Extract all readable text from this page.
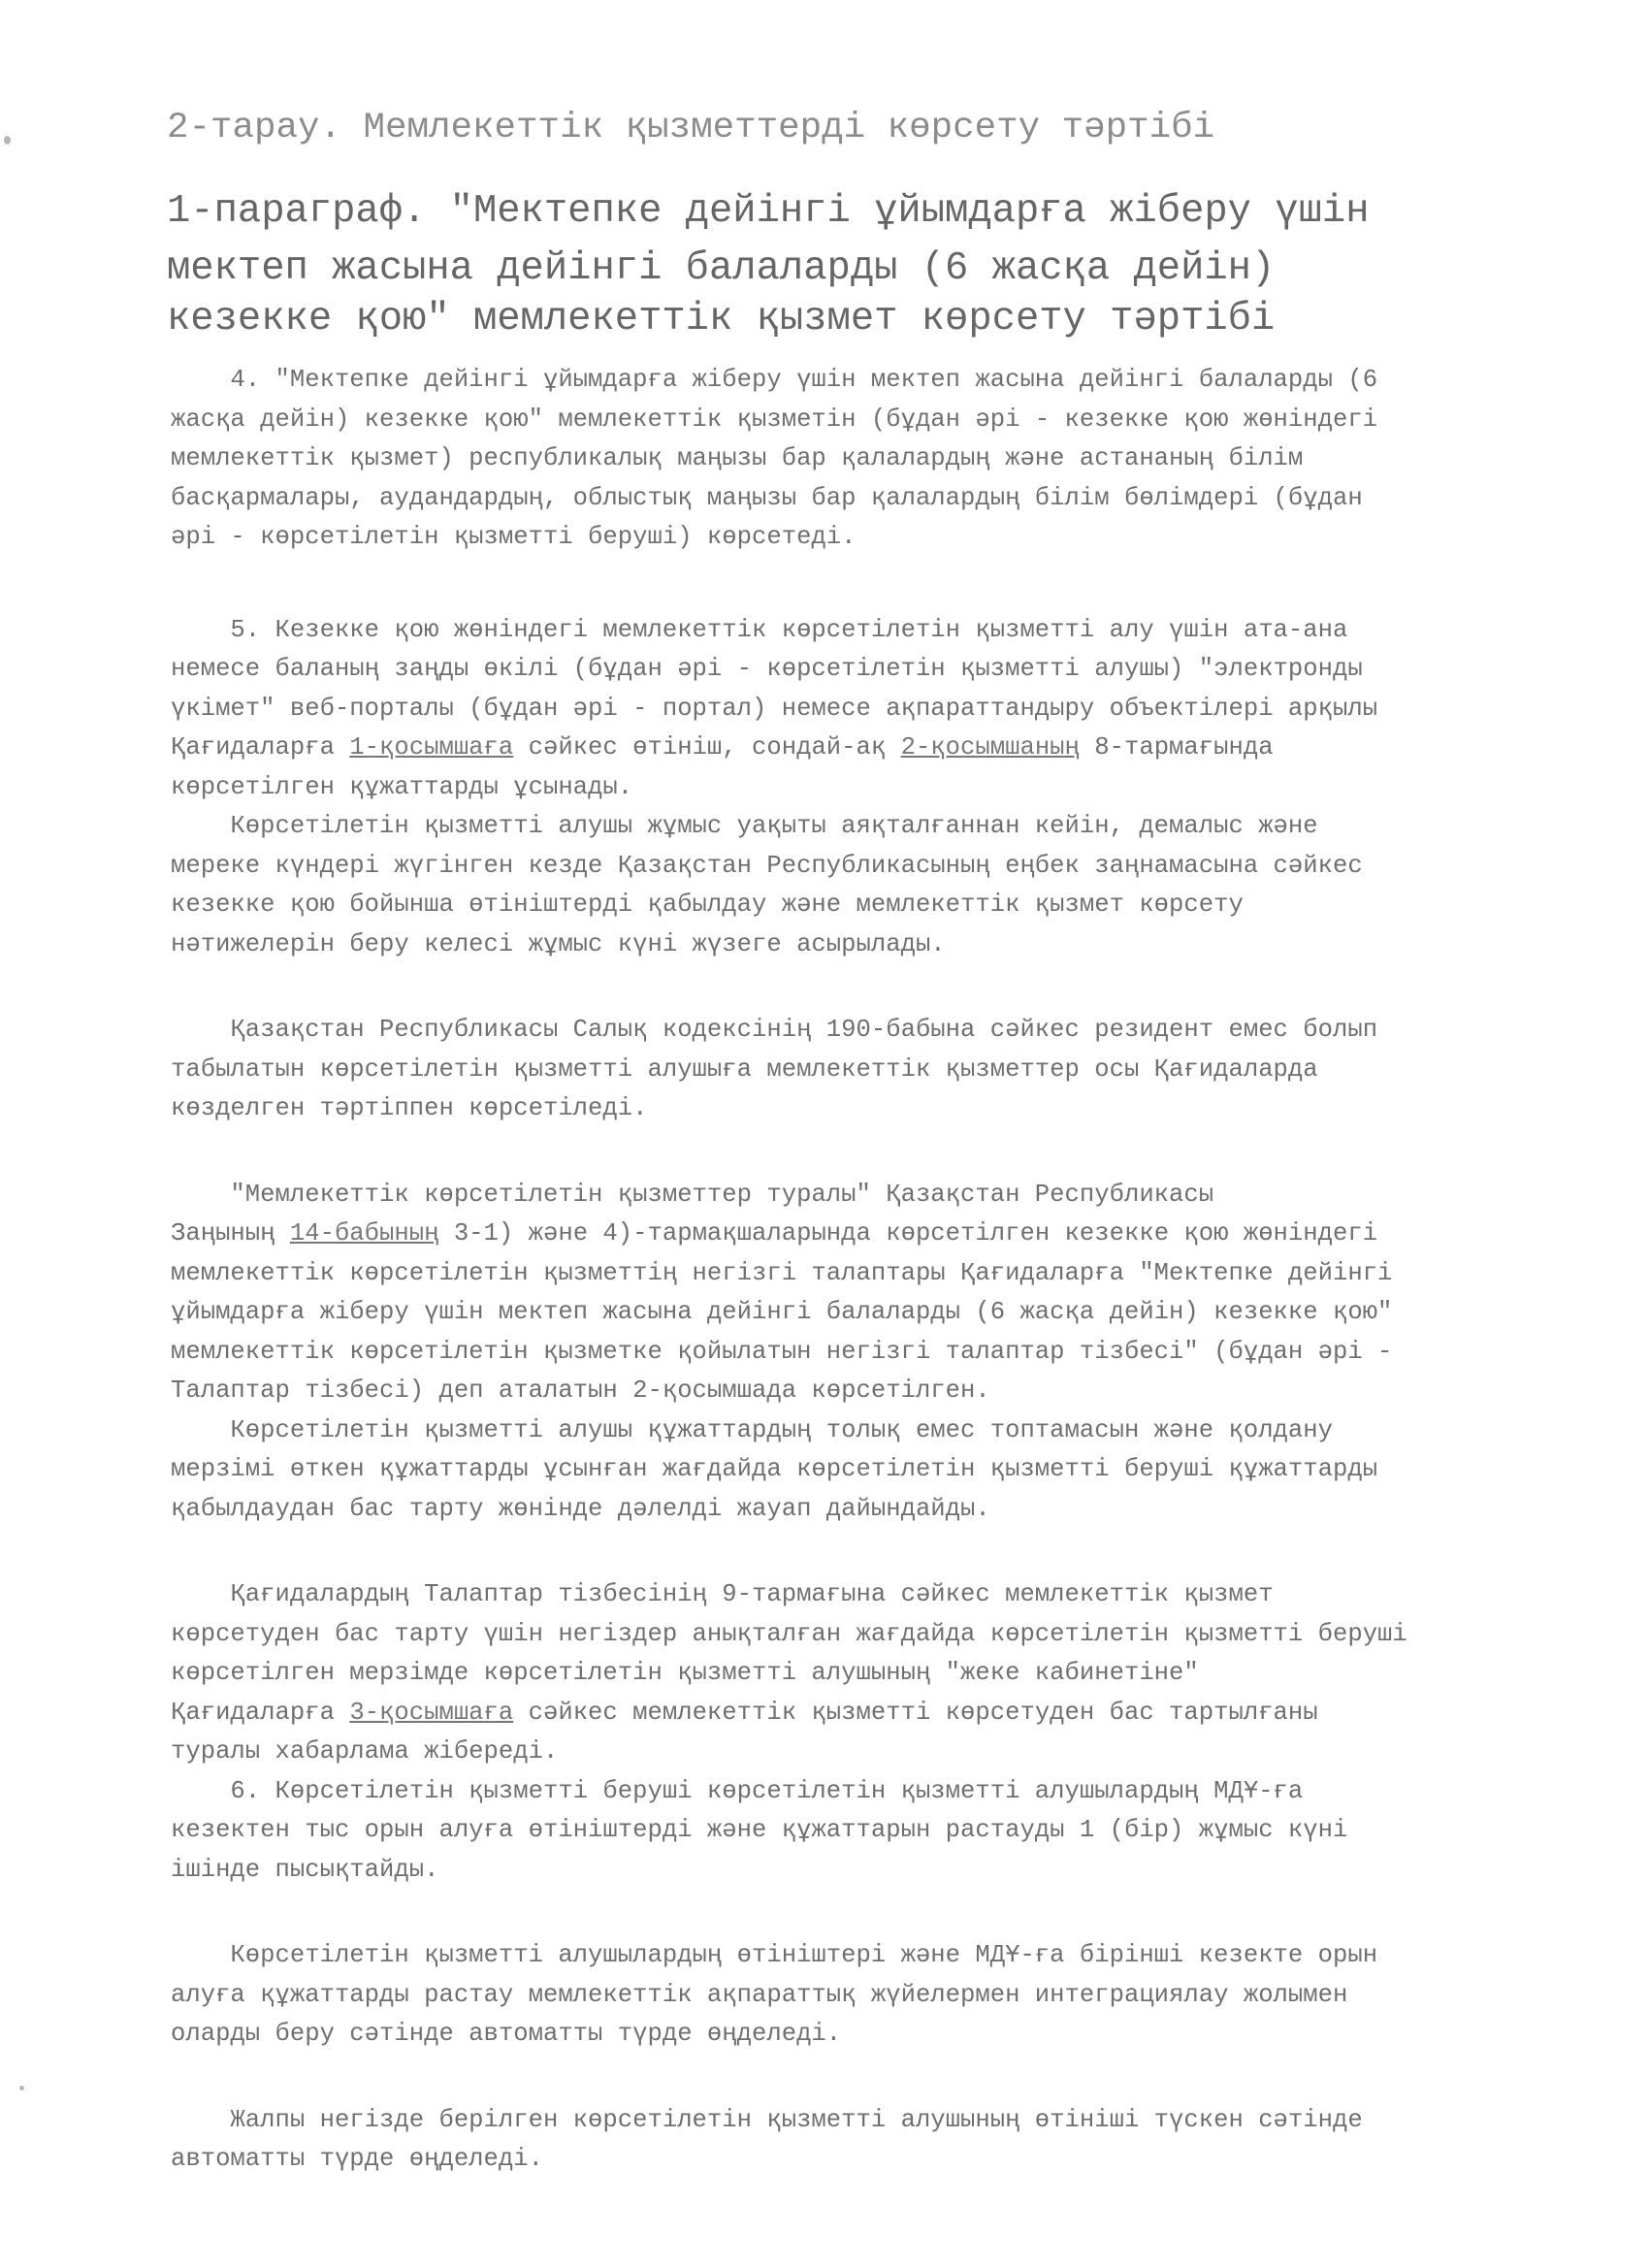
2-тарау. Мемлекеттік қызметтерді көрсету тәртібі
1-параграф. "Мектепке дейінгі ұйымдарға жіберу үшін
мектеп жасына дейінгі балаларды (6 жасқа дейін)
кезекке қою" мемлекеттік қызмет көрсету тәртібі
4. "Мектепке дейінгі ұйымдарға жіберу үшін мектеп жасына дейінгі балаларды (6
жасқа дейін) кезекке қою" мемлекеттік қызметін (бұдан әрі - кезекке қою жөніндегі
мемлекеттік қызмет) республикалық маңызы бар қалалардың және астананың білім
басқармалары, аудандардың, облыстық маңызы бар қалалардың білім бөлімдері (бұдан
әрі - көрсетілетін қызметті беруші) көрсетеді.
5. Кезекке қою жөніндегі мемлекеттік көрсетілетін қызметті алу үшін ата-ана
немесе баланың заңды өкілі (бұдан әрі - көрсетілетін қызметті алушы) "электронды
үкімет" веб-порталы (бұдан әрі - портал) немесе ақпараттандыру объектілері арқылы
Қағидаларға 1-қосымшаға сәйкес өтініш, сондай-ақ 2-қосымшаның 8-тармағында
көрсетілген құжаттарды ұсынады.
Көрсетілетін қызметті алушы жұмыс уақыты аяқталғаннан кейін, демалыс және
мереке күндері жүгінген кезде Қазақстан Республикасының еңбек заңнамасына сәйкес
кезекке қою бойынша өтініштерді қабылдау және мемлекеттік қызмет көрсету
нәтижелерін беру келесі жұмыс күні жүзеге асырылады.
Қазақстан Республикасы Салық кодексінің 190-бабына сәйкес резидент емес болып
табылатын көрсетілетін қызметті алушыға мемлекеттік қызметтер осы Қағидаларда
көзделген тәртіппен көрсетіледі.
"Мемлекеттік көрсетілетін қызметтер туралы" Қазақстан Республикасы
Заңының 14-бабының 3-1) және 4)-тармақшаларында көрсетілген кезекке қою жөніндегі
мемлекеттік көрсетілетін қызметтің негізгі талаптары Қағидаларға "Мектепке дейінгі
ұйымдарға жіберу үшін мектеп жасына дейінгі балаларды (6 жасқа дейін) кезекке қою"
мемлекеттік көрсетілетін қызметке қойылатын негізгі талаптар тізбесі" (бұдан әрі -
Талаптар тізбесі) деп аталатын 2-қосымшада көрсетілген.
Көрсетілетін қызметті алушы құжаттардың толық емес топтамасын және қолдану
мерзімі өткен құжаттарды ұсынған жағдайда көрсетілетін қызметті беруші құжаттарды
қабылдаудан бас тарту жөнінде дәлелді жауап дайындайды.
Қағидалардың Талаптар тізбесінің 9-тармағына сәйкес мемлекеттік қызмет
көрсетуден бас тарту үшін негіздер анықталған жағдайда көрсетілетін қызметті беруші
көрсетілген мерзімде көрсетілетін қызметті алушының "жеке кабинетіне"
Қағидаларға 3-қосымшаға сәйкес мемлекеттік қызметті көрсетуден бас тартылғаны
туралы хабарлама жібереді.
6. Көрсетілетін қызметті беруші көрсетілетін қызметті алушылардың МДҰ-ға
кезектен тыс орын алуға өтініштерді және құжаттарын растауды 1 (бір) жұмыс күні
ішінде пысықтайды.
Көрсетілетін қызметті алушылардың өтініштері және МДҰ-ға бірінші кезекте орын
алуға құжаттарды растау мемлекеттік ақпараттық жүйелермен интеграциялау жолымен
оларды беру сәтінде автоматты түрде өңделеді.
Жалпы негізде берілген көрсетілетін қызметті алушының өтініші түскен сәтінде
автоматты түрде өңделеді.
